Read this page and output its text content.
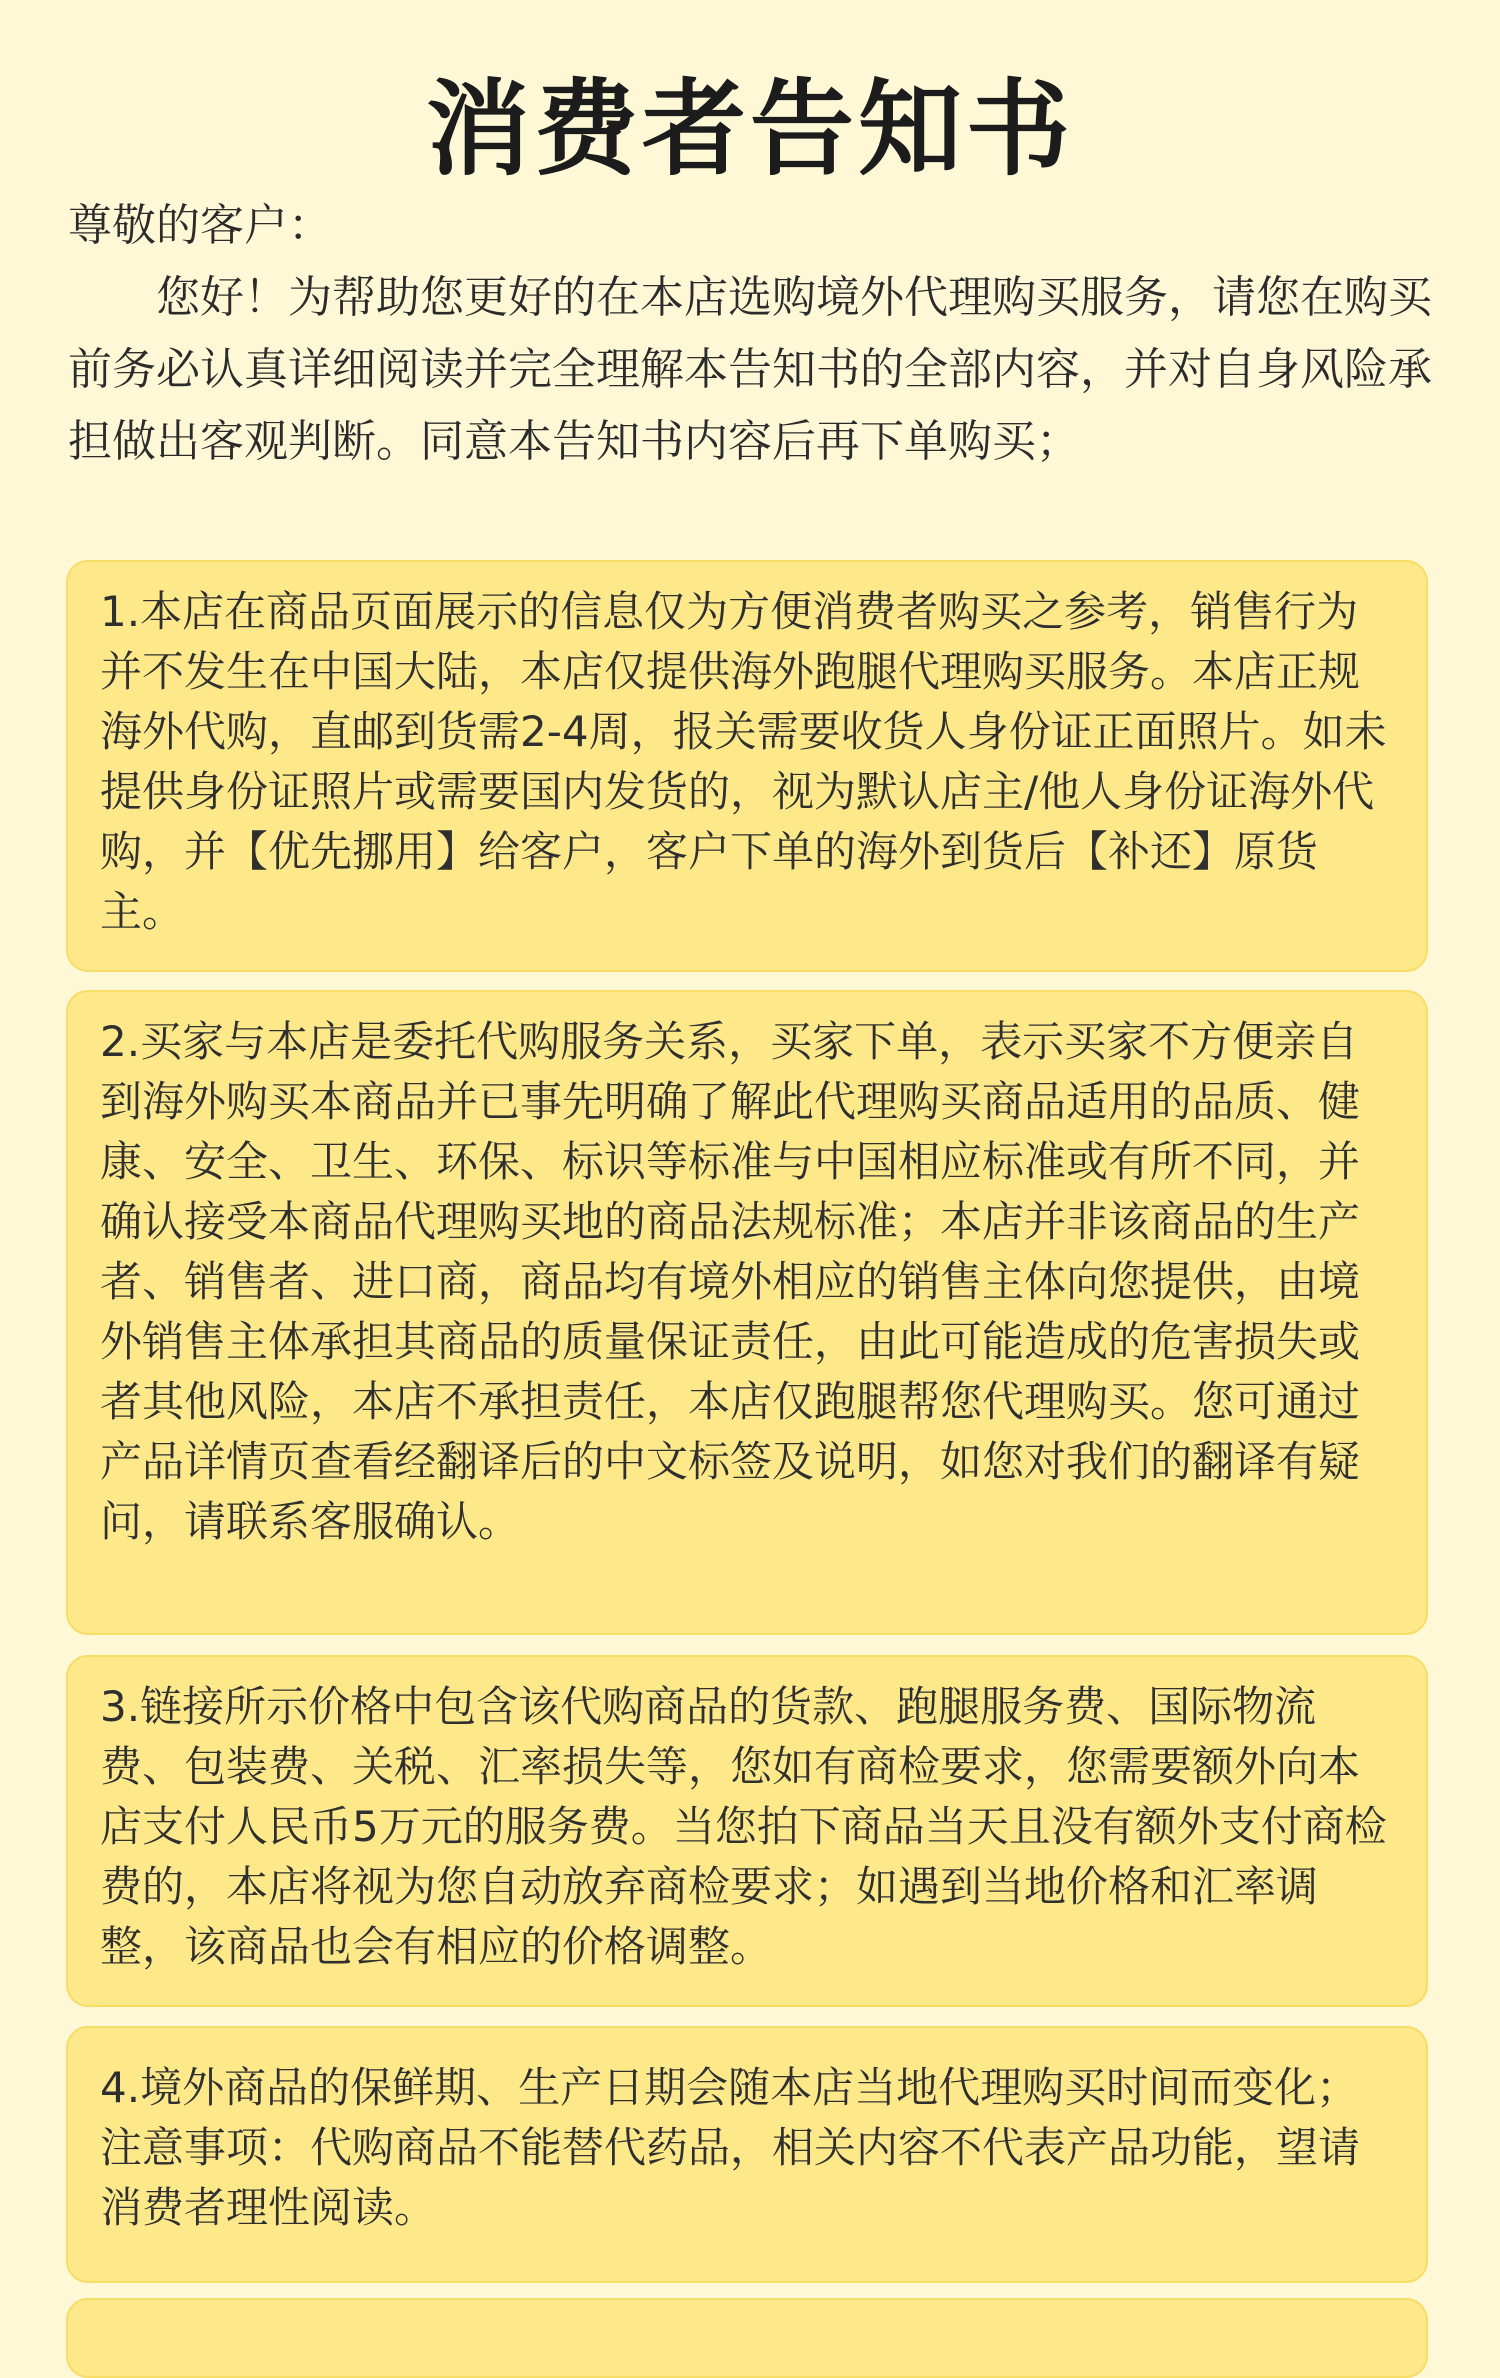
消费者告知书

尊敬的客户：

您好！为帮助您更好的在本店选购境外代理购买服务，请您在购买前务必认真详细阅读并完全理解本告知书的全部内容，并对自身风险承担做出客观判断。同意本告知书内容后再下单购买；

1.本店在商品页面展示的信息仅为方便消费者购买之参考，销售行为并不发生在中国大陆，本店仅提供海外跑腿代理购买服务。本店正规海外代购，直邮到货需2-4周，报关需要收货人身份证正面照片。如未提供身份证照片或需要国内发货的，视为默认店主/他人身份证海外代购，并【优先挪用】给客户，客户下单的海外到货后【补还】原货主。

2.买家与本店是委托代购服务关系，买家下单，表示买家不方便亲自到海外购买本商品并已事先明确了解此代理购买商品适用的品质、健康、安全、卫生、环保、标识等标准与中国相应标准或有所不同，并确认接受本商品代理购买地的商品法规标准；本店并非该商品的生产者、销售者、进口商，商品均有境外相应的销售主体向您提供，由境外销售主体承担其商品的质量保证责任，由此可能造成的危害损失或者其他风险，本店不承担责任，本店仅跑腿帮您代理购买。您可通过产品详情页查看经翻译后的中文标签及说明，如您对我们的翻译有疑问，请联系客服确认。

3.链接所示价格中包含该代购商品的货款、跑腿服务费、国际物流费、包装费、关税、汇率损失等，您如有商检要求，您需要额外向本店支付人民币5万元的服务费。当您拍下商品当天且没有额外支付商检费的，本店将视为您自动放弃商检要求；如遇到当地价格和汇率调整，该商品也会有相应的价格调整。

4.境外商品的保鲜期、生产日期会随本店当地代理购买时间而变化；注意事项：代购商品不能替代药品，相关内容不代表产品功能，望请消费者理性阅读。
